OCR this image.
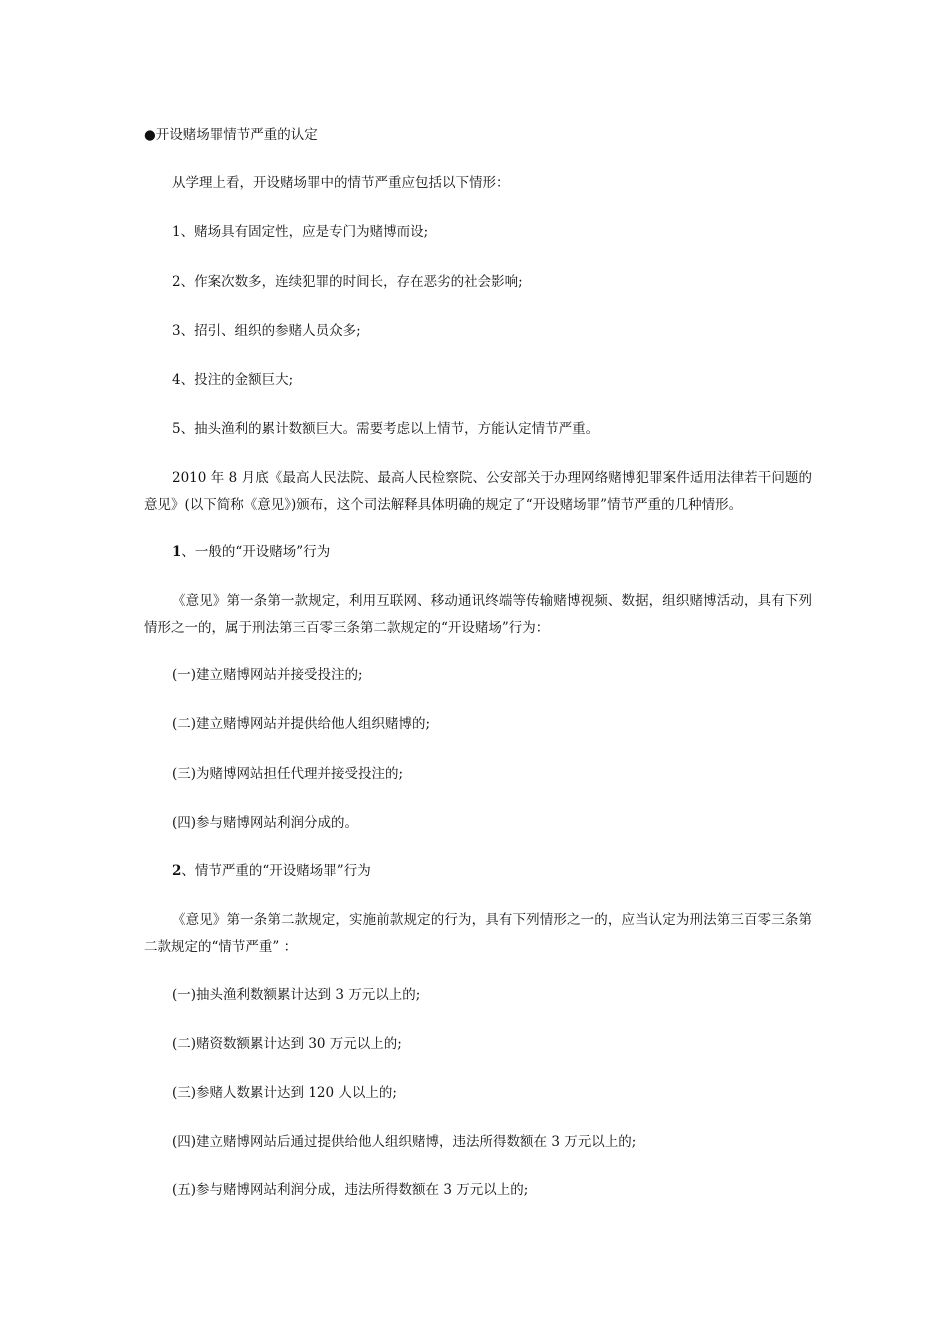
●开设赌场罪情节严重的认定
从学理上看，开设赌场罪中的情节严重应包括以下情形：
1、赌场具有固定性，应是专门为赌博而设;
2、作案次数多，连续犯罪的时间长，存在恶劣的社会影响;
3、招引、组织的参赌人员众多;
4、投注的金额巨大;
5、抽头渔利的累计数额巨大。需要考虑以上情节，方能认定情节严重。
2010 年 8 月底《最高人民法院、最高人民检察院、公安部关于办理网络赌博犯罪案件适用法律若干问题的意见》(以下简称《意见》)颁布，这个司法解释具体明确的规定了“开设赌场罪”情节严重的几种情形。
1、一般的“开设赌场”行为
《意见》第一条第一款规定，利用互联网、移动通讯终端等传输赌博视频、数据，组织赌博活动，具有下列情形之一的，属于刑法第三百零三条第二款规定的“开设赌场”行为：
(一)建立赌博网站并接受投注的;
(二)建立赌博网站并提供给他人组织赌博的;
(三)为赌博网站担任代理并接受投注的;
(四)参与赌博网站利润分成的。
2、情节严重的“开设赌场罪”行为
《意见》第一条第二款规定，实施前款规定的行为，具有下列情形之一的，应当认定为刑法第三百零三条第二款规定的“情节严重” ：
(一)抽头渔利数额累计达到 3 万元以上的;
(二)赌资数额累计达到 30 万元以上的;
(三)参赌人数累计达到 120 人以上的;
(四)建立赌博网站后通过提供给他人组织赌博，违法所得数额在 3 万元以上的;
(五)参与赌博网站利润分成，违法所得数额在 3 万元以上的;
